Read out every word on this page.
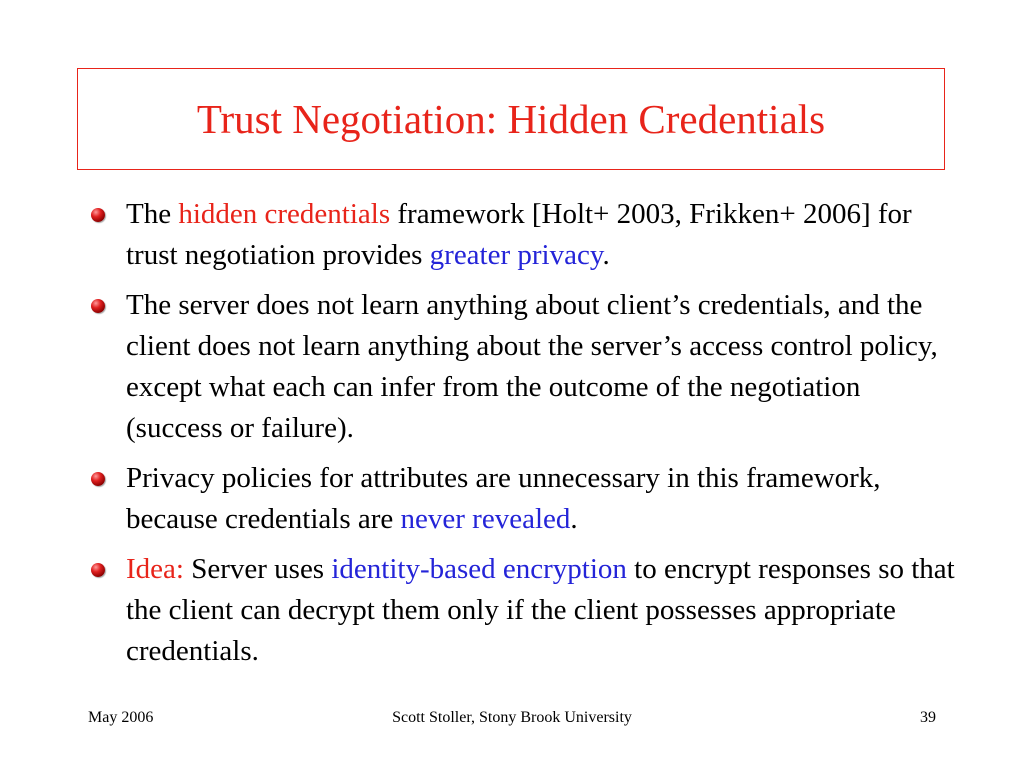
Trust Negotiation: Hidden Credentials
The hidden credentials framework [Holt+ 2003, Frikken+ 2006] for trust negotiation provides greater privacy.
The server does not learn anything about client’s credentials, and the client does not learn anything about the server’s access control policy, except what each can infer from the outcome of the negotiation (success or failure).
Privacy policies for attributes are unnecessary in this framework, because credentials are never revealed.
Idea: Server uses identity-based encryption to encrypt responses so that the client can decrypt them only if the client possesses appropriate credentials.
May 2006	Scott Stoller, Stony Brook University	39
